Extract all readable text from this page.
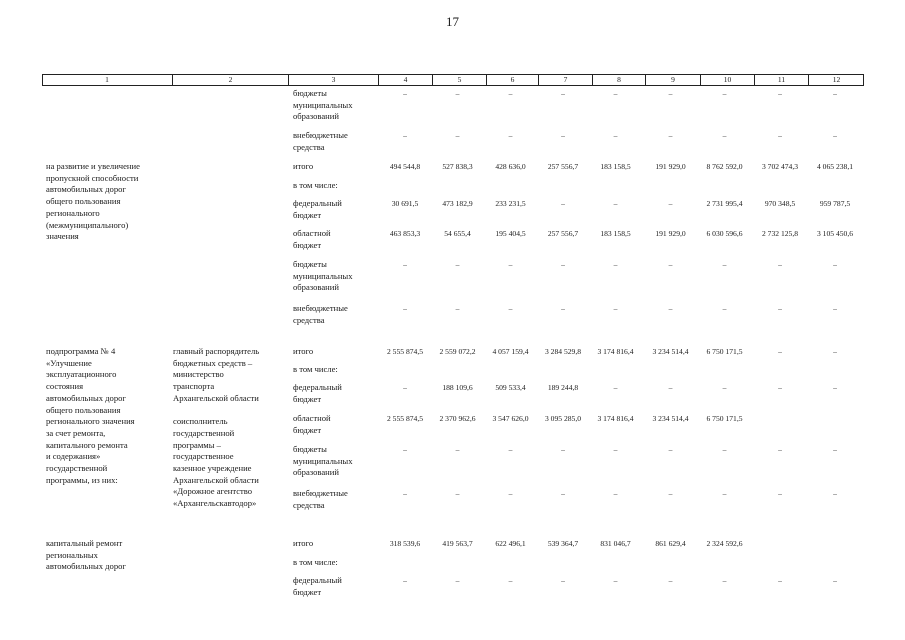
17
1	2	3	4	5	6	7	8	9	10	11	12
бюджеты
муниципальных
образований
–	–	–	–	–	–	–	–	–
внебюджетные
средства
–	–	–	–	–	–	–	–	–
на развитие и увеличение
пропускной способности
автомобильных дорог
общего пользования
регионального
(межмуниципального)
значения
итого	494 544,8	527 838,3	428 636,0	257 556,7	183 158,5	191 929,0	8 762 592,0	3 702 474,3	4 065 238,1
в том числе:
федеральный
бюджет
30 691,5	473 182,9	233 231,5	–	–	–	2 731 995,4	970 348,5	959 787,5
областной
бюджет
463 853,3	54 655,4	195 404,5	257 556,7	183 158,5	191 929,0	6 030 596,6	2 732 125,8	3 105 450,6
бюджеты
муниципальных
образований
–	–	–	–	–	–	–	–	–
внебюджетные
средства
–	–	–	–	–	–	–	–	–
подпрограмма № 4
«Улучшение
эксплуатационного
состояния
автомобильных дорог
общего пользования
регионального значения
за счет ремонта,
капитального ремонта
и содержания»
государственной
программы, из них:
главный распорядитель
бюджетных средств –
министерство
транспорта
Архангельской области
соисполнитель
государственной
программы –
государственное
казенное учреждение
Архангельской области
«Дорожное агентство
«Архангельскавтодор»
итого	2 555 874,5	2 559 072,2	4 057 159,4	3 284 529,8	3 174 816,4	3 234 514,4	6 750 171,5	–	–
в том числе:
федеральный
бюджет
–	188 109,6	509 533,4	189 244,8	–	–	–	–	–
областной
бюджет
2 555 874,5	2 370 962,6	3 547 626,0	3 095 285,0	3 174 816,4	3 234 514,4	6 750 171,5
бюджеты
муниципальных
образований
–	–	–	–	–	–	–	–	–
внебюджетные
средства
–	–	–	–	–	–	–	–	–
капитальный ремонт
региональных
автомобильных дорог
итого	318 539,6	419 563,7	622 496,1	539 364,7	831 046,7	861 629,4	2 324 592,6
в том числе:
федеральный
бюджет
–	–	–	–	–	–	–	–	–
